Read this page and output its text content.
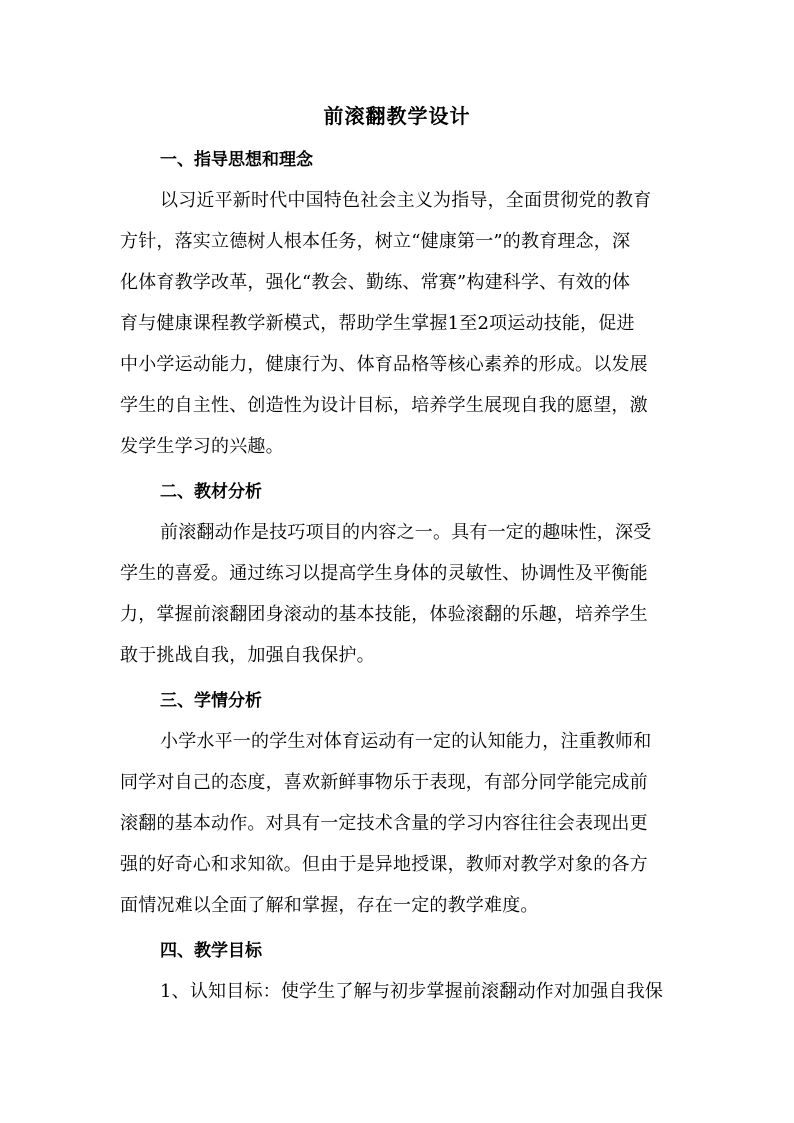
前滚翻教学设计
一、指导思想和理念
以习近平新时代中国特色社会主义为指导，全面贯彻党的教育
方针，落实立德树人根本任务，树立“健康第一”的教育理念，深
化体育教学改革，强化“教会、勤练、常赛”构建科学、有效的体
育与健康课程教学新模式，帮助学生掌握1至2项运动技能，促进
中小学运动能力，健康行为、体育品格等核心素养的形成。以发展
学生的自主性、创造性为设计目标，培养学生展现自我的愿望，激
发学生学习的兴趣。
二、教材分析
前滚翻动作是技巧项目的内容之一。具有一定的趣味性，深受
学生的喜爱。通过练习以提高学生身体的灵敏性、协调性及平衡能
力，掌握前滚翻团身滚动的基本技能，体验滚翻的乐趣，培养学生
敢于挑战自我，加强自我保护。
三、学情分析
小学水平一的学生对体育运动有一定的认知能力，注重教师和
同学对自己的态度，喜欢新鲜事物乐于表现，有部分同学能完成前
滚翻的基本动作。对具有一定技术含量的学习内容往往会表现出更
强的好奇心和求知欲。但由于是异地授课，教师对教学对象的各方
面情况难以全面了解和掌握，存在一定的教学难度。
四、教学目标
1、认知目标：使学生了解与初步掌握前滚翻动作对加强自我保
